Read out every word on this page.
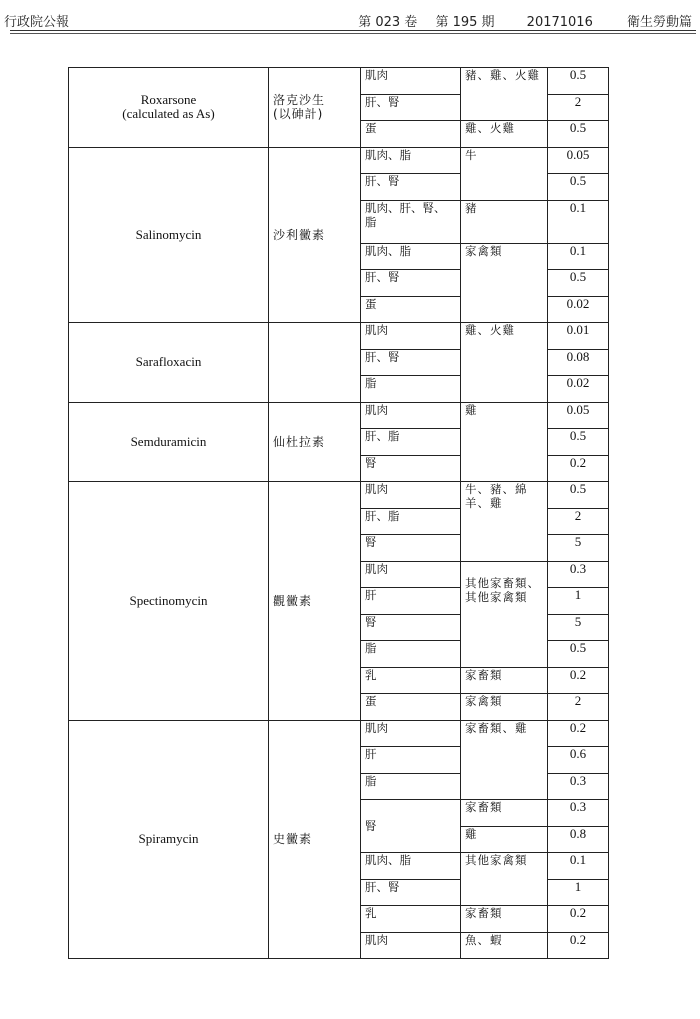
行政院公報	第 023 卷 第 195 期 20171016	衛生勞動篇
Roxarsone
(calculated as As)	洛克沙生
(以砷計)	肌肉	豬、雞、火雞	0.5
		肝、腎		2
		蛋	雞、火雞	0.5
Salinomycin	沙利黴素	肌肉、脂	牛	0.05
		肝、腎		0.5
		肌肉、肝、腎、脂	豬	0.1
		肌肉、脂	家禽類	0.1
		肝、腎		0.5
		蛋		0.02
Sarafloxacin		肌肉	雞、火雞	0.01
		肝、腎		0.08
		脂		0.02
Semduramicin	仙杜拉素	肌肉	雞	0.05
		肝、脂		0.5
		腎		0.2
Spectinomycin	觀黴素	肌肉	牛、豬、綿羊、雞	0.5
		肝、脂		2
		腎		5
		肌肉	其他家畜類、其他家禽類	0.3
		肝		1
		腎		5
		脂		0.5
		乳	家畜類	0.2
		蛋	家禽類	2
Spiramycin	史黴素	肌肉	家畜類、雞	0.2
		肝		0.6
		脂		0.3
		腎	家畜類	0.3
			雞	0.8
		肌肉、脂	其他家禽類	0.1
		肝、腎		1
		乳	家畜類	0.2
		肌肉	魚、蝦	0.2
